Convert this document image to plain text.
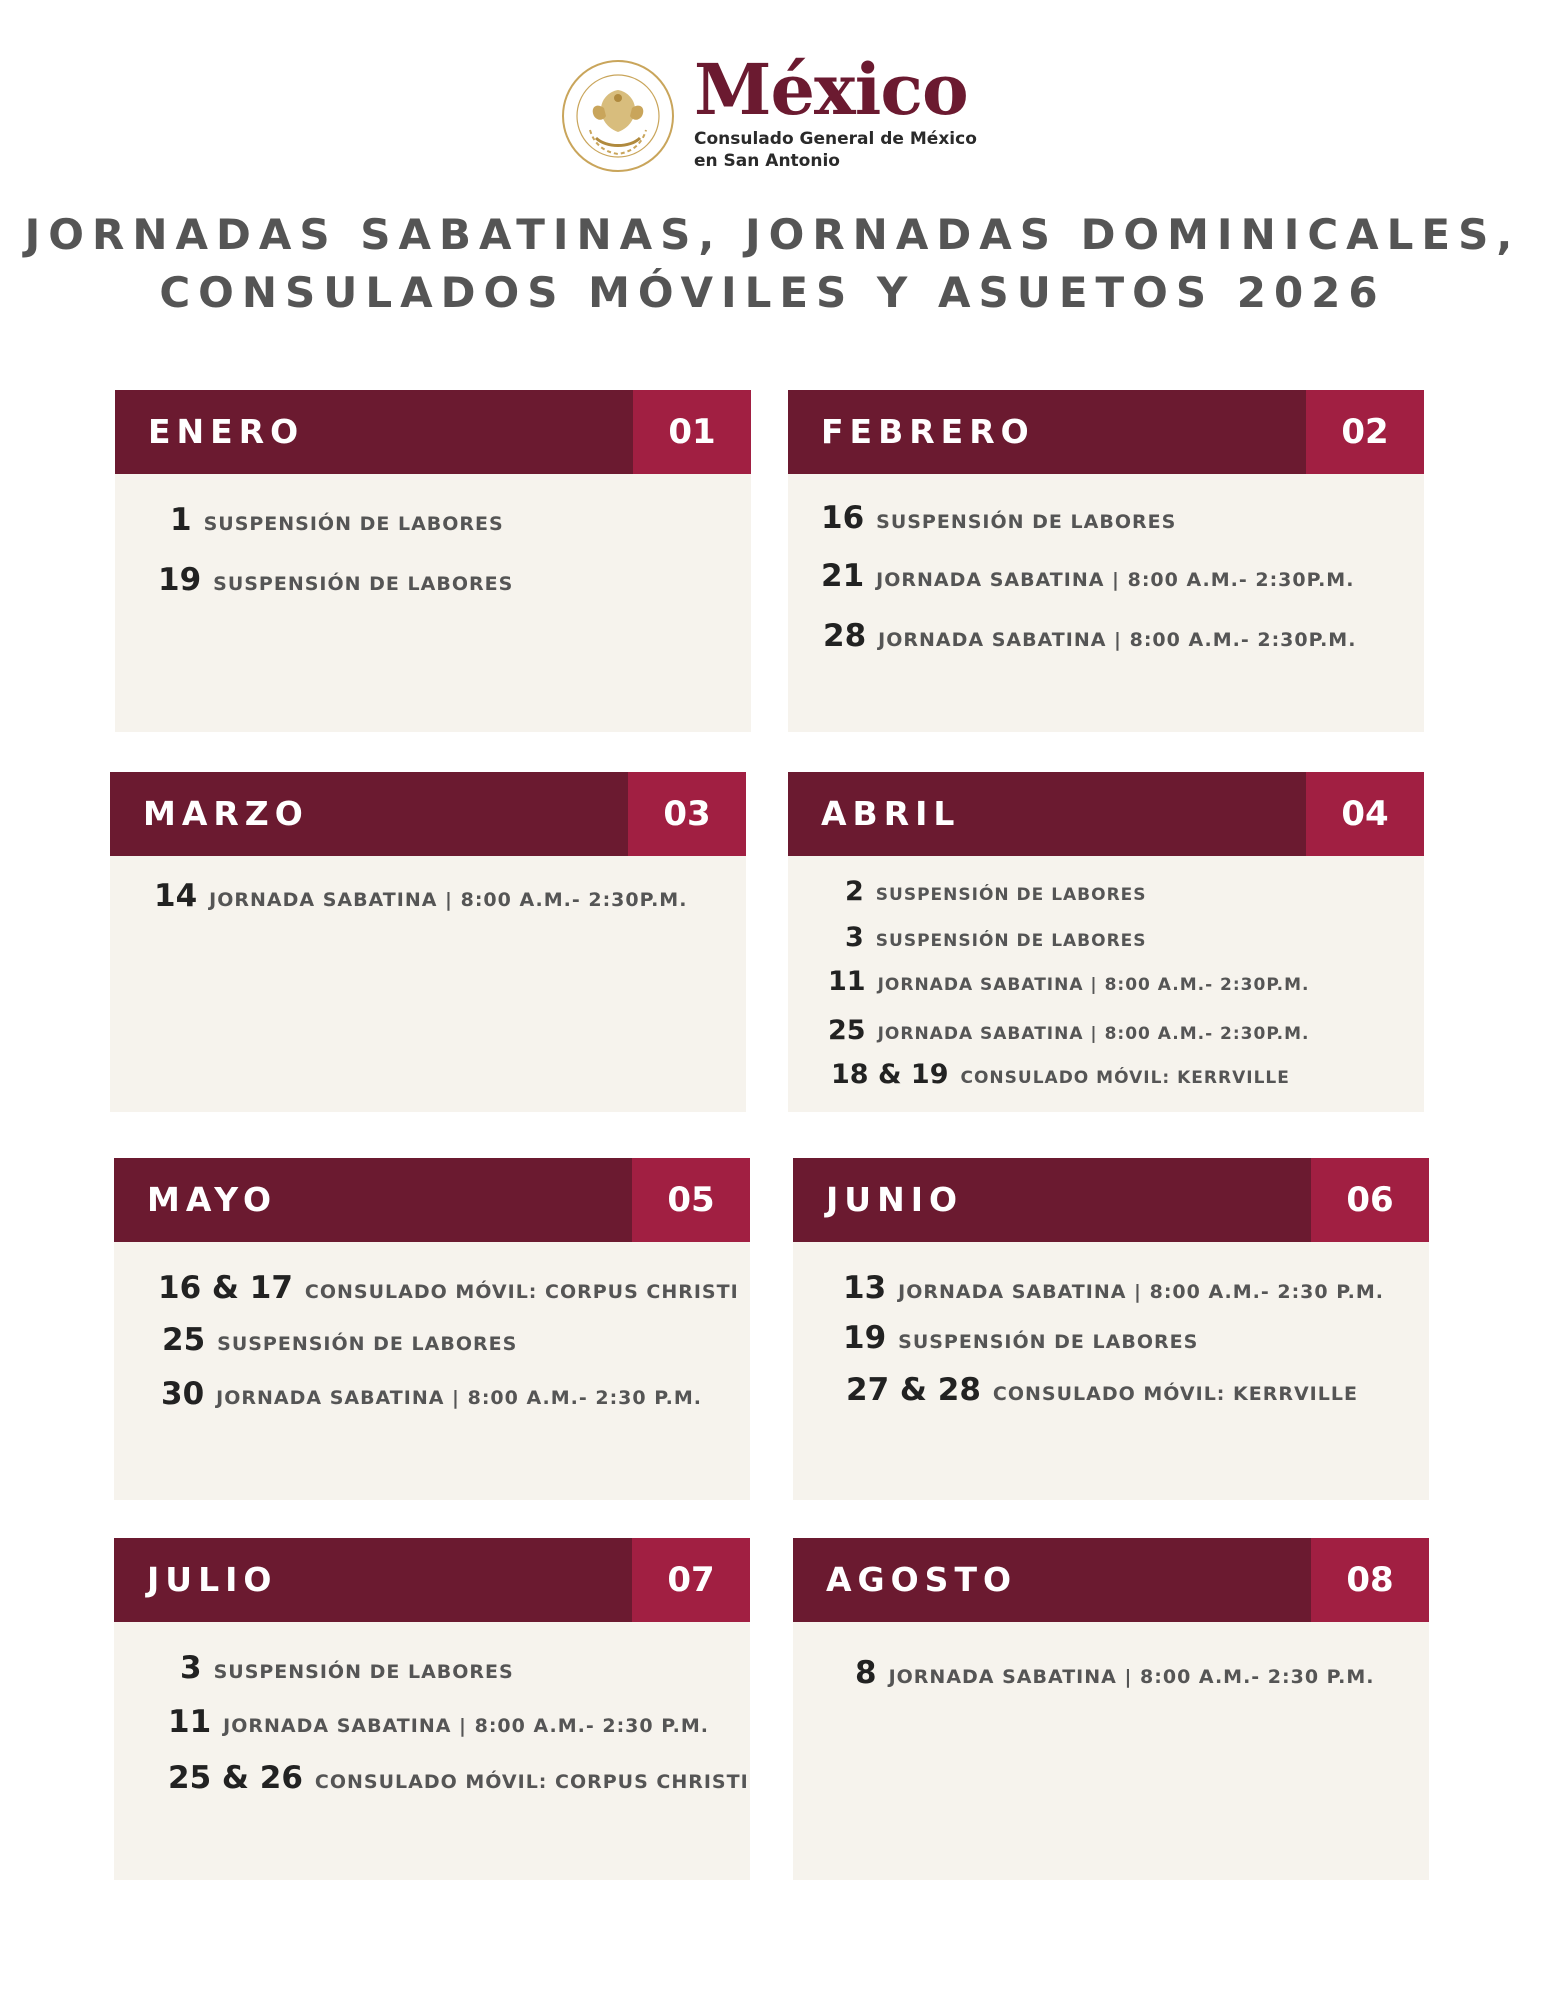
México
Consulado General de México
en San Antonio
JORNADAS SABATINAS, JORNADAS DOMINICALES,
CONSULADOS MÓVILES Y ASUETOS 2026
ENERO	01
1 SUSPENSIÓN DE LABORES
19 SUSPENSIÓN DE LABORES
FEBRERO	02
16 SUSPENSIÓN DE LABORES
21 JORNADA SABATINA | 8:00 A.M.- 2:30P.M.
28 JORNADA SABATINA | 8:00 A.M.- 2:30P.M.
MARZO	03
14 JORNADA SABATINA | 8:00 A.M.- 2:30P.M.
ABRIL	04
2 SUSPENSIÓN DE LABORES
3 SUSPENSIÓN DE LABORES
11 JORNADA SABATINA | 8:00 A.M.- 2:30P.M.
25 JORNADA SABATINA | 8:00 A.M.- 2:30P.M.
18 & 19 CONSULADO MÓVIL: KERRVILLE
MAYO	05
16 & 17 CONSULADO MÓVIL: CORPUS CHRISTI
25 SUSPENSIÓN DE LABORES
30 JORNADA SABATINA | 8:00 A.M.- 2:30 P.M.
JUNIO	06
13 JORNADA SABATINA | 8:00 A.M.- 2:30 P.M.
19 SUSPENSIÓN DE LABORES
27 & 28 CONSULADO MÓVIL: KERRVILLE
JULIO	07
3 SUSPENSIÓN DE LABORES
11 JORNADA SABATINA | 8:00 A.M.- 2:30 P.M.
25 & 26 CONSULADO MÓVIL: CORPUS CHRISTI
AGOSTO	08
8 JORNADA SABATINA | 8:00 A.M.- 2:30 P.M.
